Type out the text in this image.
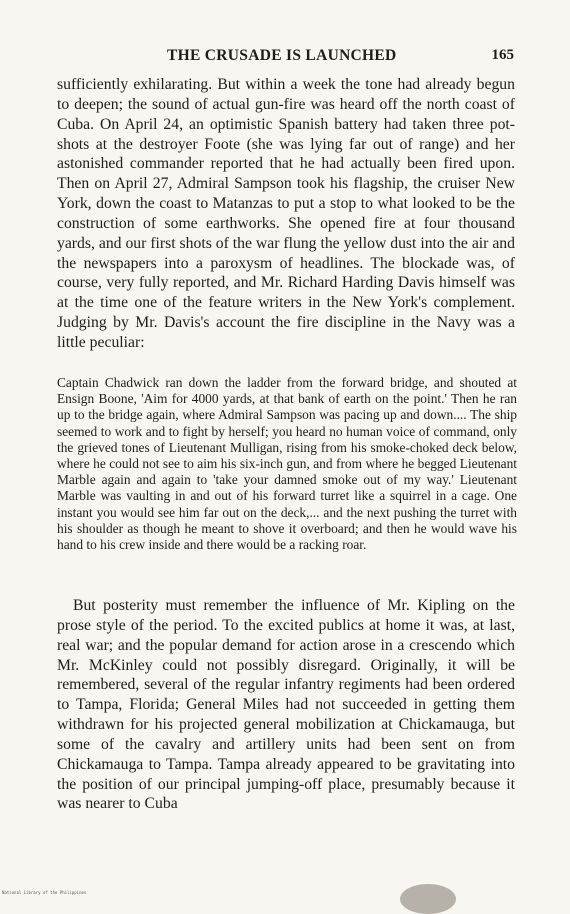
THE CRUSADE IS LAUNCHED	165

sufficiently exhilarating. But within a week the tone had already begun to deepen; the sound of actual gun-fire was heard off the north coast of Cuba. On April 24, an optimistic Spanish battery had taken three pot-shots at the destroyer Foote (she was lying far out of range) and her astonished commander reported that he had actually been fired upon. Then on April 27, Admiral Sampson took his flagship, the cruiser New York, down the coast to Matanzas to put a stop to what looked to be the construction of some earthworks. She opened fire at four thousand yards, and our first shots of the war flung the yellow dust into the air and the newspapers into a paroxysm of headlines. The blockade was, of course, very fully reported, and Mr. Richard Harding Davis himself was at the time one of the feature writers in the New York's complement. Judging by Mr. Davis's account the fire discipline in the Navy was a little peculiar:

Captain Chadwick ran down the ladder from the forward bridge, and shouted at Ensign Boone, 'Aim for 4000 yards, at that bank of earth on the point.' Then he ran up to the bridge again, where Admiral Sampson was pacing up and down.... The ship seemed to work and to fight by herself; you heard no human voice of command, only the grieved tones of Lieutenant Mulligan, rising from his smoke-choked deck below, where he could not see to aim his six-inch gun, and from where he begged Lieutenant Marble again and again to 'take your damned smoke out of my way.' Lieutenant Marble was vaulting in and out of his forward turret like a squirrel in a cage. One instant you would see him far out on the deck,... and the next pushing the turret with his shoulder as though he meant to shove it overboard; and then he would wave his hand to his crew inside and there would be a racking roar.

But posterity must remember the influence of Mr. Kipling on the prose style of the period. To the excited publics at home it was, at last, real war; and the popular demand for action arose in a crescendo which Mr. McKinley could not possibly disregard. Originally, it will be remembered, several of the regular infantry regiments had been ordered to Tampa, Florida; General Miles had not succeeded in getting them withdrawn for his projected general mobilization at Chickamauga, but some of the cavalry and artillery units had been sent on from Chickamauga to Tampa. Tampa already appeared to be gravitating into the position of our principal jumping-off place, presumably because it was nearer to Cuba

National Library of the Philippines
